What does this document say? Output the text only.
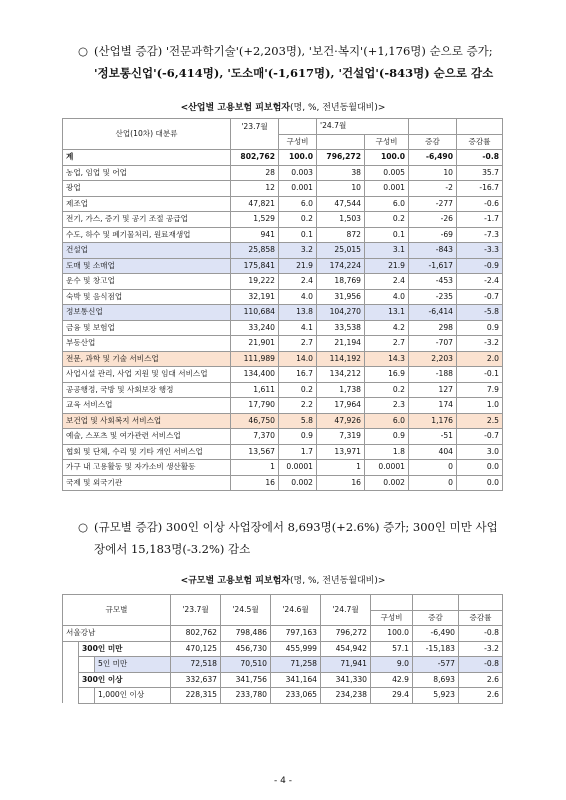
○ (산업별 증감) '전문과학기술'(+2,203명), '보건·복지'(+1,176명) 순으로 증가;
'정보통신업'(-6,414명), '도소매'(-1,617명), '건설업'(-843명) 순으로 감소
<산업별 고용보험 피보험자(명, %, 전년동월대비)>
산업(10차) 대분류	'23.7월		'24.7월			
		구성비		구성비	증감	증감률
계	802,762	100.0	796,272	100.0	-6,490	-0.8
농업, 임업 및 어업	28	0.003	38	0.005	10	35.7
광업	12	0.001	10	0.001	-2	-16.7
제조업	47,821	6.0	47,544	6.0	-277	-0.6
전기, 가스, 증기 및 공기 조절 공급업	1,529	0.2	1,503	0.2	-26	-1.7
수도, 하수 및 폐기물처리, 원료재생업	941	0.1	872	0.1	-69	-7.3
건설업	25,858	3.2	25,015	3.1	-843	-3.3
도매 및 소매업	175,841	21.9	174,224	21.9	-1,617	-0.9
운수 및 창고업	19,222	2.4	18,769	2.4	-453	-2.4
숙박 및 음식점업	32,191	4.0	31,956	4.0	-235	-0.7
정보통신업	110,684	13.8	104,270	13.1	-6,414	-5.8
금융 및 보험업	33,240	4.1	33,538	4.2	298	0.9
부동산업	21,901	2.7	21,194	2.7	-707	-3.2
전문, 과학 및 기술 서비스업	111,989	14.0	114,192	14.3	2,203	2.0
사업시설 관리, 사업 지원 및 임대 서비스업	134,400	16.7	134,212	16.9	-188	-0.1
공공행정, 국방 및 사회보장 행정	1,611	0.2	1,738	0.2	127	7.9
교육 서비스업	17,790	2.2	17,964	2.3	174	1.0
보건업 및 사회복지 서비스업	46,750	5.8	47,926	6.0	1,176	2.5
예술, 스포츠 및 여가관련 서비스업	7,370	0.9	7,319	0.9	-51	-0.7
협회 및 단체, 수리 및 기타 개인 서비스업	13,567	1.7	13,971	1.8	404	3.0
가구 내 고용활동 및 자가소비 생산활동	1	0.0001	1	0.0001	0	0.0
국제 및 외국기관	16	0.002	16	0.002	0	0.0
○ (규모별 증감) 300인 이상 사업장에서 8,693명(+2.6%) 증가; 300인 미만 사업
장에서 15,183명(-3.2%) 감소
<규모별 고용보험 피보험자(명, %, 전년동월대비)>
규모별			'23.7월	'24.5월	'24.6월	'24.7월			
							구성비	증감	증감률
서울강남			802,762	798,486	797,163	796,272	100.0	-6,490	-0.8
	300인 미만		470,125	456,730	455,999	454,942	57.1	-15,183	-3.2
		5인 미만	72,518	70,510	71,258	71,941	9.0	-577	-0.8
	300인 이상		332,637	341,756	341,164	341,330	42.9	8,693	2.6
		1,000인 이상	228,315	233,780	233,065	234,238	29.4	5,923	2.6
- 4 -
